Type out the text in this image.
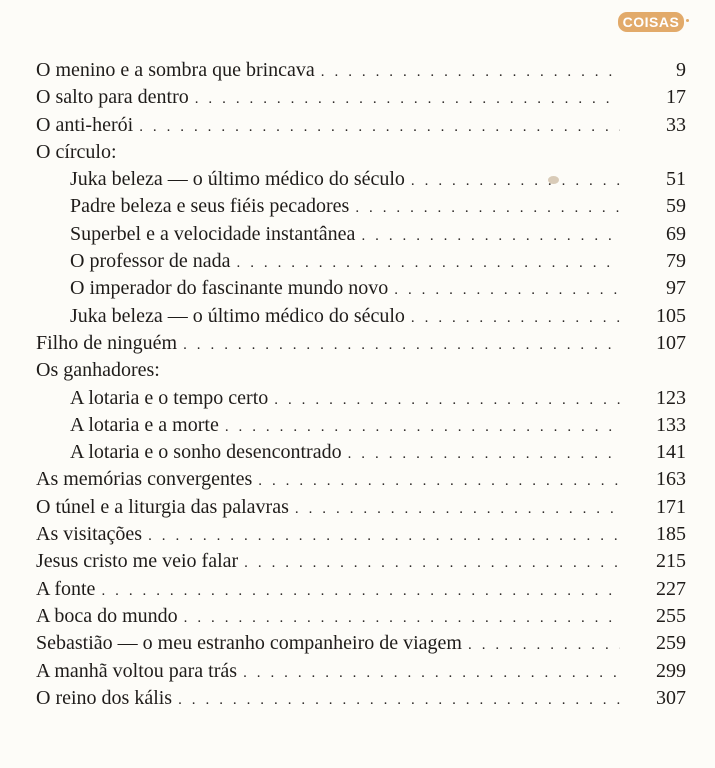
COISAS
O menino e a sombra que brincava . . .	9
O salto para dentro . . .	17
O anti-herói . . .	33
O círculo:
Juka beleza — o último médico do século . . .	51
Padre beleza e seus fiéis pecadores . . .	59
Superbel e a velocidade instantânea . . .	69
O professor de nada . . .	79
O imperador do fascinante mundo novo . . .	97
Juka beleza — o último médico do século . . .	105
Filho de ninguém . . .	107
Os ganhadores:
A lotaria e o tempo certo . . .	123
A lotaria e a morte . . .	133
A lotaria e o sonho desencontrado . . .	141
As memórias convergentes . . .	163
O túnel e a liturgia das palavras . . .	171
As visitações . . .	185
Jesus cristo me veio falar . . .	215
A fonte . . .	227
A boca do mundo . . .	255
Sebastião — o meu estranho companheiro de viagem . . .	259
A manhã voltou para trás . . .	299
O reino dos kális . . .	307
